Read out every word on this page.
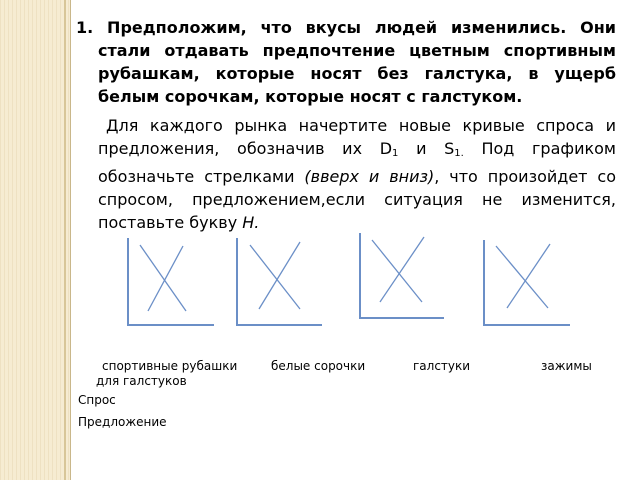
1. Предположим, что вкусы людей изменились. Они стали отдавать предпочтение цветным спортивным рубашкам, которые носят без галстука, в ущерб белым сорочкам, которые носят с галстуком.

Для каждого рынка начертите новые кривые спроса и предложения, обозначив их $D_1$ и $S_{1.}$ Под графиком обозначьте стрелками (вверх и вниз), что произойдет со спросом, предложением,если ситуация не изменится, поставьте букву Н.

спортивные рубашки	белые сорочки	галстуки	зажимы
для галстуков
Спрос
Предложение
